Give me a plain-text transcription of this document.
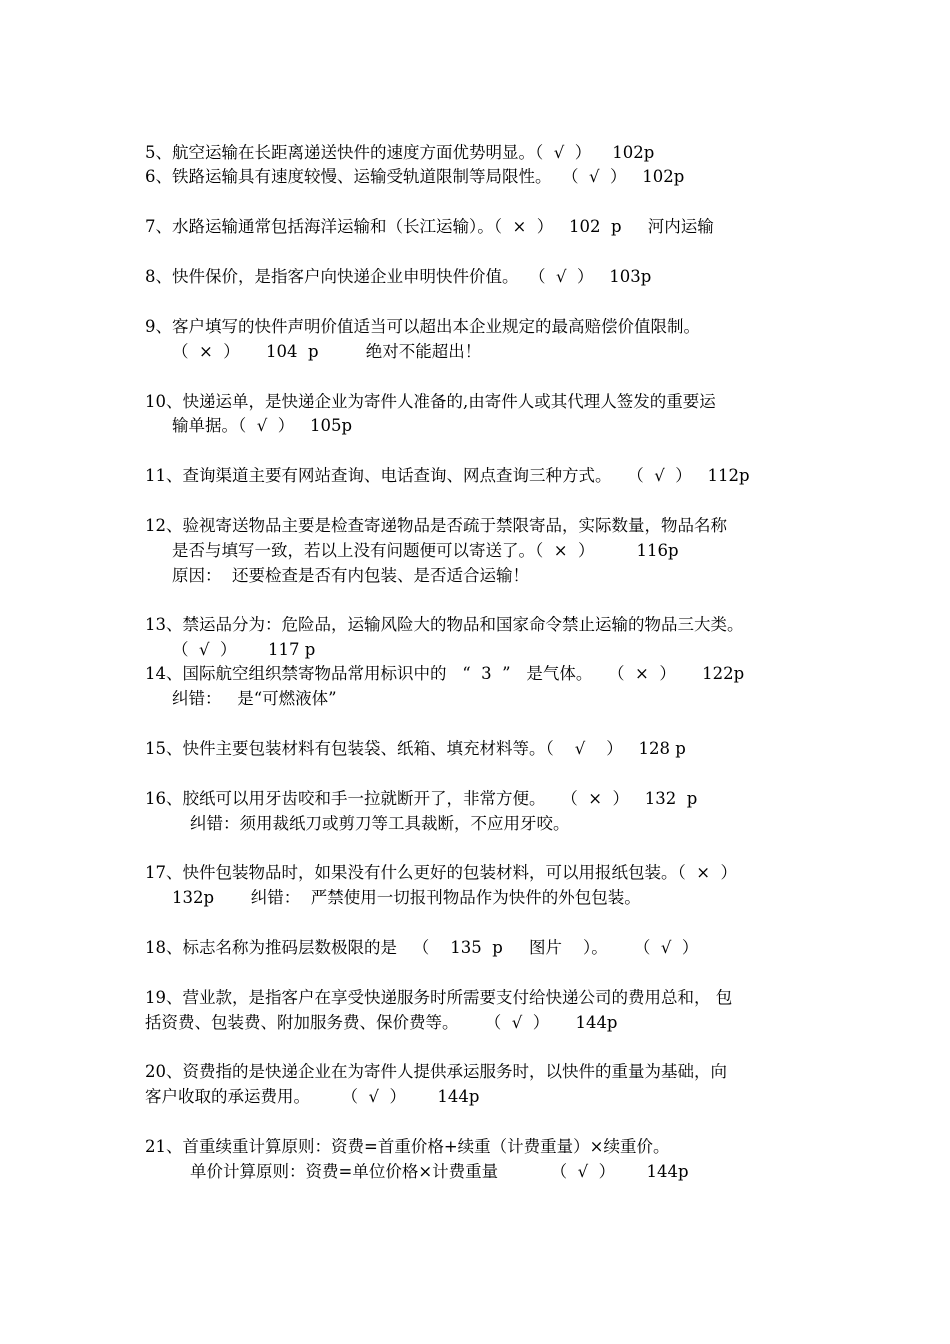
5、航空运输在长距离递送快件的速度方面优势明显。（  √  ）    102p
6、铁路运输具有速度较慢、运输受轨道限制等局限性。  （  √  ）   102p
7、水路运输通常包括海洋运输和（长江运输）。（  ×  ）   102  p     河内运输
8、快件保价，是指客户向快递企业申明快件价值。  （  √  ）   103p
9、客户填写的快件声明价值适当可以超出本企业规定的最高赔偿价值限制。
（  ×  ）     104  p         绝对不能超出！
10、快递运单，是快递企业为寄件人准备的,由寄件人或其代理人签发的重要运
输单据。（  √  ）   105p
11、查询渠道主要有网站查询、电话查询、网点查询三种方式。   （  √  ）   112p
12、验视寄送物品主要是检查寄递物品是否疏于禁限寄品，实际数量，物品名称
是否与填写一致，若以上没有问题便可以寄送了。（  ×  ）        116p
原因：  还要检查是否有内包装、是否适合运输！
13、禁运品分为：危险品，运输风险大的物品和国家命令禁止运输的物品三大类。
（  √  ）      117 p
14、国际航空组织禁寄物品常用标识中的   “  3  ”   是气体。   （  ×  ）     122p
纠错：   是“可燃液体”
15、快件主要包装材料有包装袋、纸箱、填充材料等。（    √    ）   128 p
16、胶纸可以用牙齿咬和手一拉就断开了，非常方便。   （  ×  ）   132  p
纠错：须用裁纸刀或剪刀等工具裁断，不应用牙咬。
17、快件包装物品时，如果没有什么更好的包装材料，可以用报纸包装。（  ×  ）
132p       纠错：  严禁使用一切报刊物品作为快件的外包包装。
18、标志名称为推码层数极限的是   （    135  p     图片    ）。     （  √  ）
19、营业款，是指客户在享受快递服务时所需要支付给快递公司的费用总和， 包
括资费、包装费、附加服务费、保价费等。     （  √  ）     144p
20、资费指的是快递企业在为寄件人提供承运服务时，以快件的重量为基础，向
客户收取的承运费用。      （  √  ）      144p
21、首重续重计算原则：资费=首重价格+续重（计费重量）×续重价。
单价计算原则：资费=单位价格×计费重量          （  √  ）      144p
